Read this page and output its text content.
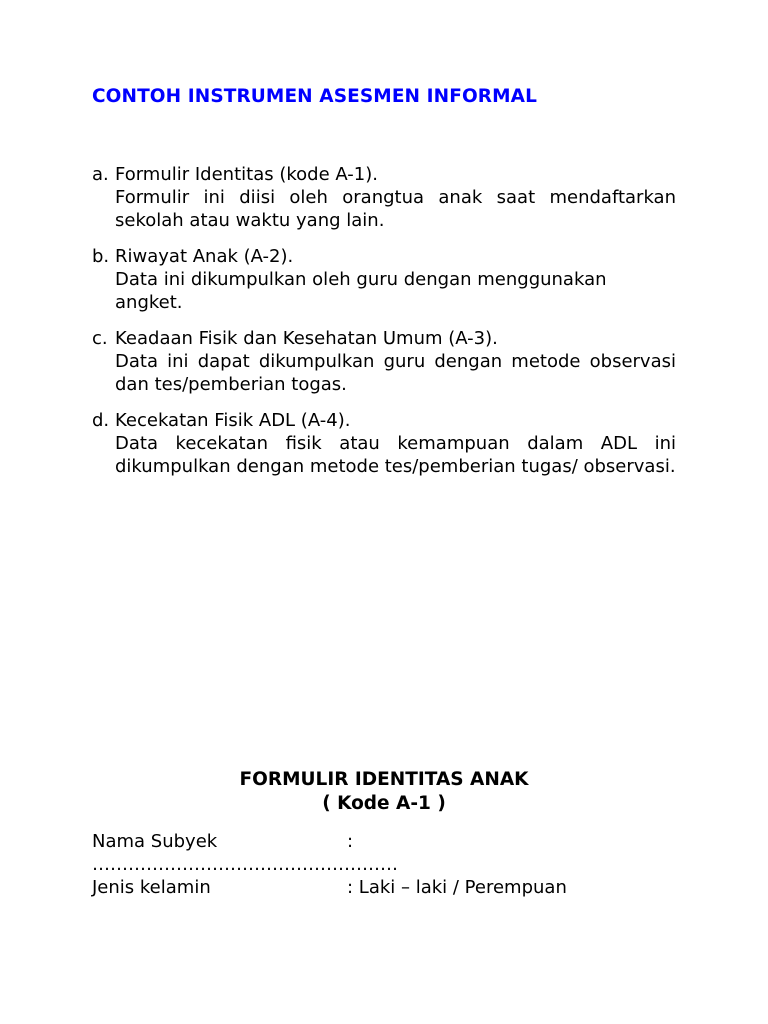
CONTOH INSTRUMEN ASESMEN INFORMAL
a. Formulir Identitas (kode A-1).
Formulir ini diisi oleh orangtua anak saat mendaftarkan sekolah atau waktu yang lain.
b. Riwayat Anak (A-2).
Data ini dikumpulkan oleh guru dengan menggunakan angket.
c. Keadaan Fisik dan Kesehatan Umum (A-3).
Data ini dapat dikumpulkan guru dengan metode observasi dan tes/pemberian togas.
d. Kecekatan Fisik ADL (A-4).
Data kecekatan fisik atau kemampuan dalam ADL ini dikumpulkan dengan metode tes/pemberian tugas/ observasi.
FORMULIR IDENTITAS ANAK
( Kode A-1 )
Nama Subyek	:
……………………………………………
Jenis kelamin	: Laki – laki / Perempuan
